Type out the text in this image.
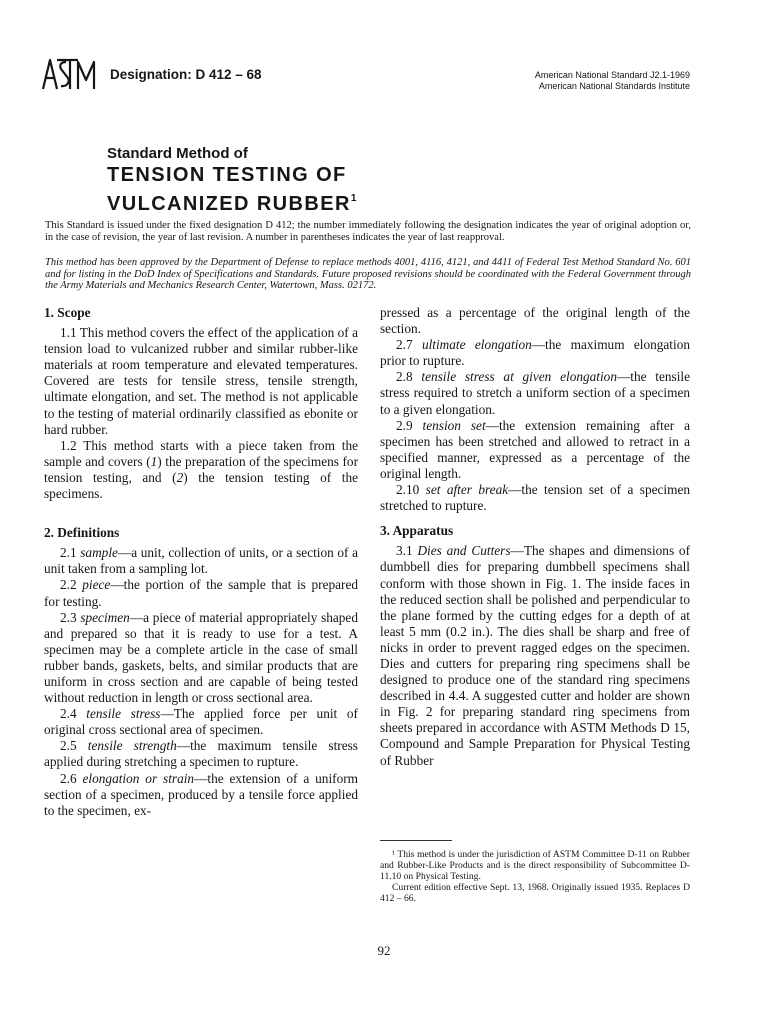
Designation: D 412 – 68	American National Standard J2.1-1969
American National Standards Institute
Standard Method of
TENSION TESTING OF
VULCANIZED RUBBER$^1$
This Standard is issued under the fixed designation D 412; the number immediately following the designation indicates the year of original adoption or, in the case of revision, the year of last revision. A number in parentheses indicates the year of last reapproval.
This method has been approved by the Department of Defense to replace methods 4001, 4116, 4121, and 4411 of Federal Test Method Standard No. 601 and for listing in the DoD Index of Specifications and Standards. Future proposed revisions should be coordinated with the Federal Government through the Army Materials and Mechanics Research Center, Watertown, Mass. 02172.
1. Scope

1.1 This method covers the effect of the application of a tension load to vulcanized rubber and similar rubber-like materials at room temperature and elevated temperatures. Covered are tests for tensile stress, tensile strength, ultimate elongation, and set. The method is not applicable to the testing of material ordinarily classified as ebonite or hard rubber.

1.2 This method starts with a piece taken from the sample and covers (1) the preparation of the specimens for tension testing, and (2) the tension testing of the specimens.

2. Definitions

2.1 sample—a unit, collection of units, or a section of a unit taken from a sampling lot.

2.2 piece—the portion of the sample that is prepared for testing.

2.3 specimen—a piece of material appropriately shaped and prepared so that it is ready to use for a test. A specimen may be a complete article in the case of small rubber bands, gaskets, belts, and similar products that are uniform in cross section and are capable of being tested without reduction in length or cross sectional area.

2.4 tensile stress—The applied force per unit of original cross sectional area of specimen.

2.5 tensile strength—the maximum tensile stress applied during stretching a specimen to rupture.

2.6 elongation or strain—the extension of a uniform section of a specimen, produced by a tensile force applied to the specimen, ex-

pressed as a percentage of the original length of the section.

2.7 ultimate elongation—the maximum elongation prior to rupture.

2.8 tensile stress at given elongation—the tensile stress required to stretch a uniform section of a specimen to a given elongation.

2.9 tension set—the extension remaining after a specimen has been stretched and allowed to retract in a specified manner, expressed as a percentage of the original length.

2.10 set after break—the tension set of a specimen stretched to rupture.

3. Apparatus

3.1 Dies and Cutters—The shapes and dimensions of dumbbell dies for preparing dumbbell specimens shall conform with those shown in Fig. 1. The inside faces in the reduced section shall be polished and perpendicular to the plane formed by the cutting edges for a depth of at least 5 mm (0.2 in.). The dies shall be sharp and free of nicks in order to prevent ragged edges on the specimen. Dies and cutters for preparing ring specimens shall be designed to produce one of the standard ring specimens described in 4.4. A suggested cutter and holder are shown in Fig. 2 for preparing standard ring specimens from sheets prepared in accordance with ASTM Methods D 15, Compound and Sample Preparation for Physical Testing of Rubber

¹ This method is under the jurisdiction of ASTM Committee D-11 on Rubber and Rubber-Like Products and is the direct responsibility of Subcommittee D-11.10 on Physical Testing.

Current edition effective Sept. 13, 1968. Originally issued 1935. Replaces D 412 – 66.

92
